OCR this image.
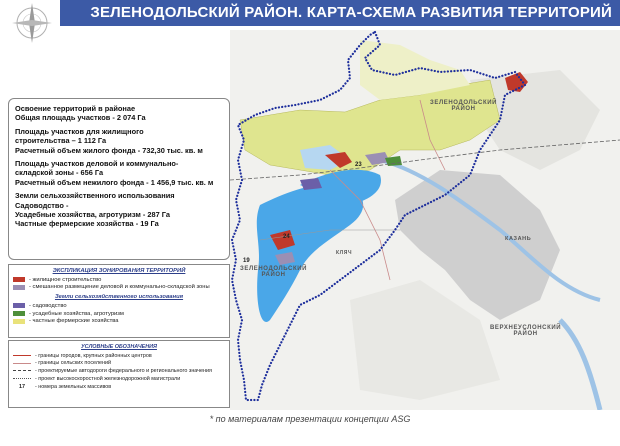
ЗЕЛЕНОДОЛЬСКИЙ
РАЙОН
ЗЕЛЕНОДОЛЬСКИЙ
РАЙОН
ВЕРХНЕУСЛОНСКИЙ
РАЙОН
КАЗАНЬ
КЛЯЧ
24
19
23
ЗЕЛЕНОДОЛЬСКИЙ РАЙОН. КАРТА-СХЕМА РАЗВИТИЯ ТЕРРИТОРИЙ
Освоение территорий в районае
Общая площадь участков - 2 074 Га
Площадь участков для жилищного
строительства – 1 112 Га
Расчетный объем жилого фонда - 732,30 тыс. кв. м
Площадь участков деловой и коммунально-
складской зоны - 656 Га
Расчетный объем нежилого фонда - 1 456,9 тыс. кв. м
Земли сельхозяйственного использования
Садоводство -
Усадебные хозяйства, агротуризм - 287 Га
Частные фермерские хозяйства - 19 Га
ЭКСПЛИКАЦИЯ ЗОНИРОВАНИЯ ТЕРРИТОРИЙ
- жилищное строительство
- смешанное размещение деловой и коммунально-складской зоны
Земли сельхозяйственного использования
- садоводство
- усадебные хозяйства, агротуризм
- частные фермерские хозяйства
УСЛОВНЫЕ ОБОЗНАЧЕНИЯ
- границы городов, крупных районных центров
- границы сельских поселений
- проектируемые автодороги федерального и регионального значения
- проект высокоскоростной железнодорожной магистрали
17	- номера земельных массивов
* по материалам презентации концепции ASG
